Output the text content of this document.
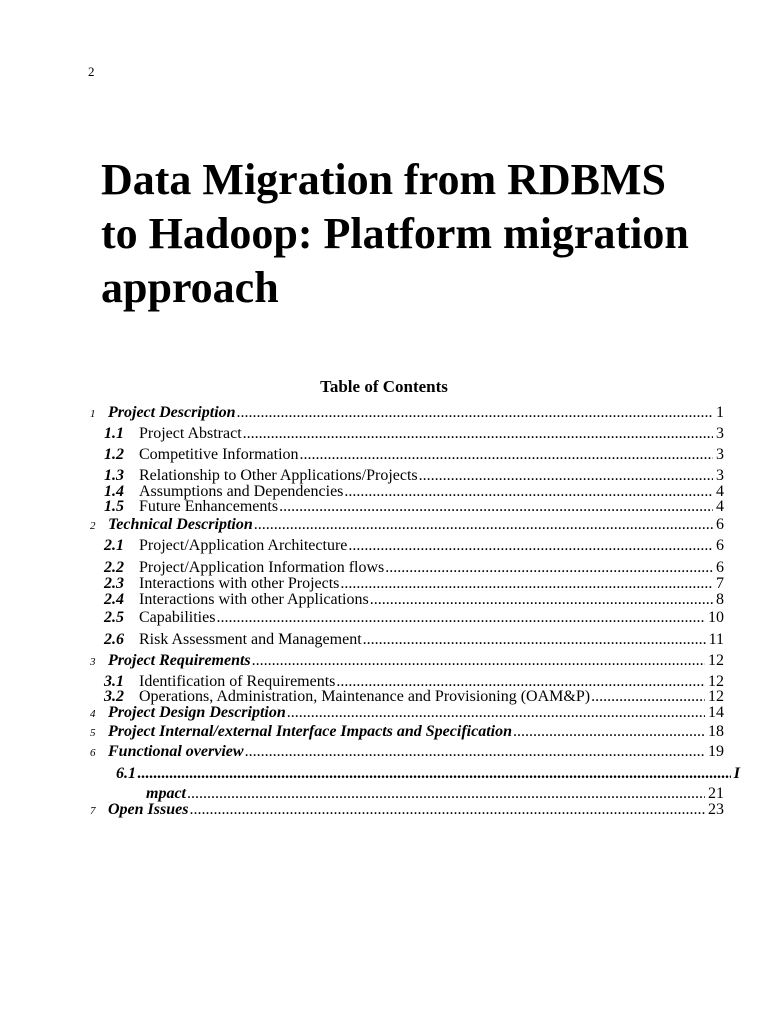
2
Data Migration from RDBMS to Hadoop: Platform migration approach
Table of Contents
1 Project Description .....	1
1.1 Project Abstract .....	3
1.2 Competitive Information .....	3
1.3 Relationship to Other Applications/Projects .....	3
1.4 Assumptions and Dependencies .....	4
1.5 Future Enhancements .....	4
2 Technical Description .....	6
2.1 Project/Application Architecture .....	6
2.2 Project/Application Information flows .....	6
2.3 Interactions with other Projects .....	7
2.4 Interactions with other Applications .....	8
2.5 Capabilities .....	10
2.6 Risk Assessment and Management .....	11
3 Project Requirements .....	12
3.1 Identification of Requirements .....	12
3.2 Operations, Administration, Maintenance and Provisioning (OAM&P) .....	12
4 Project Design Description .....	14
5 Project Internal/external Interface Impacts and Specification .....	18
6 Functional overview .....	19
6.1 .....	I
mpact .....	21
7 Open Issues .....	23
